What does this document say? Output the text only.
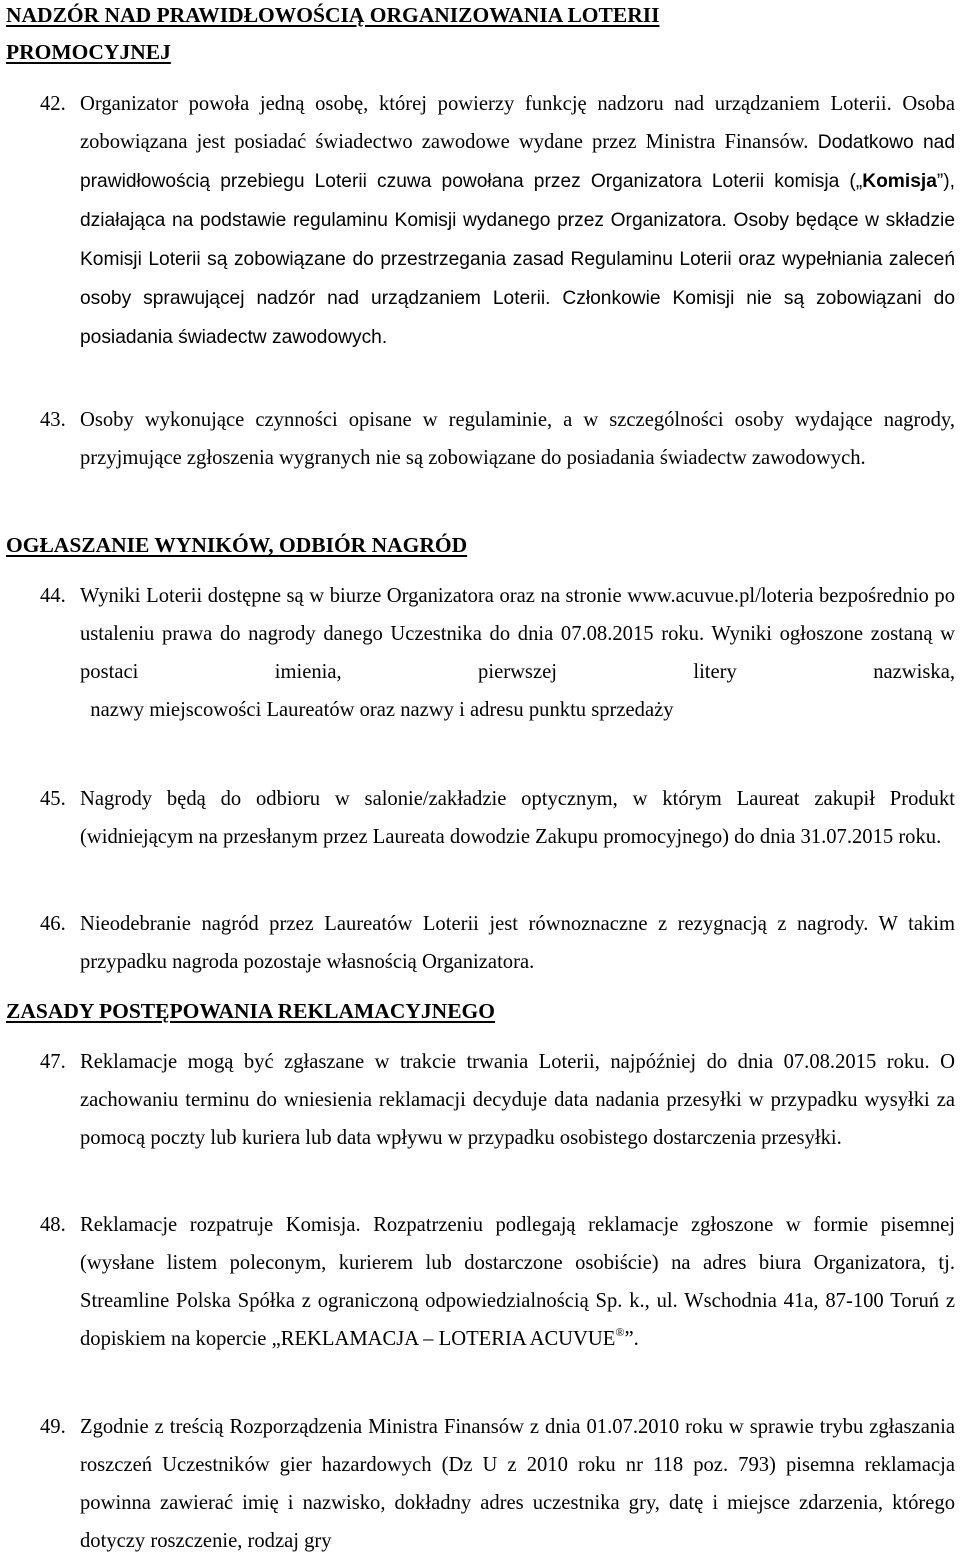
NADZÓR NAD PRAWIDŁOWOŚCIĄ ORGANIZOWANIA LOTERII
PROMOCYJNEJ
42. Organizator powoła jedną osobę, której powierzy funkcję nadzoru nad urządzaniem Loterii. Osoba zobowiązana jest posiadać świadectwo zawodowe wydane przez Ministra Finansów. Dodatkowo nad prawidłowością przebiegu Loterii czuwa powołana przez Organizatora Loterii komisja („Komisja”), działająca na podstawie regulaminu Komisji wydanego przez Organizatora. Osoby będące w składzie Komisji Loterii są zobowiązane do przestrzegania zasad Regulaminu Loterii oraz wypełniania zaleceń osoby sprawującej nadzór nad urządzaniem Loterii. Członkowie Komisji nie są zobowiązani do posiadania świadectw zawodowych.
43. Osoby wykonujące czynności opisane w regulaminie, a w szczególności osoby wydające nagrody, przyjmujące zgłoszenia wygranych nie są zobowiązane do posiadania świadectw zawodowych.
OGŁASZANIE WYNIKÓW, ODBIÓR NAGRÓD
44. Wyniki Loterii dostępne są w biurze Organizatora oraz na stronie www.acuvue.pl/loteria bezpośrednio po ustaleniu prawa do nagrody danego Uczestnika do dnia 07.08.2015 roku. Wyniki ogłoszone zostaną w postaci imienia, pierwszej litery nazwiska,  nazwy miejscowości Laureatów oraz nazwy i adresu punktu sprzedaży
45. Nagrody będą do odbioru w salonie/zakładzie optycznym, w którym Laureat zakupił Produkt (widniejącym na przesłanym przez Laureata dowodzie Zakupu promocyjnego) do dnia 31.07.2015 roku.
46. Nieodebranie nagród przez Laureatów Loterii jest równoznaczne z rezygnacją z nagrody. W takim przypadku nagroda pozostaje własnością Organizatora.
ZASADY POSTĘPOWANIA REKLAMACYJNEGO
47. Reklamacje mogą być zgłaszane w trakcie trwania Loterii, najpóźniej do dnia 07.08.2015 roku. O zachowaniu terminu do wniesienia reklamacji decyduje data nadania przesyłki w przypadku wysyłki za pomocą poczty lub kuriera lub data wpływu w przypadku osobistego dostarczenia przesyłki.
48. Reklamacje rozpatruje Komisja. Rozpatrzeniu podlegają reklamacje zgłoszone w formie pisemnej (wysłane listem poleconym, kurierem lub dostarczone osobiście) na adres biura Organizatora, tj. Streamline Polska Spółka z ograniczoną odpowiedzialnością Sp. k., ul. Wschodnia 41a, 87-100 Toruń z dopiskiem na kopercie „REKLAMACJA – LOTERIA ACUVUE®”.
49. Zgodnie z treścią Rozporządzenia Ministra Finansów z dnia 01.07.2010 roku w sprawie trybu zgłaszania roszczeń Uczestników gier hazardowych (Dz U z 2010 roku nr 118 poz. 793) pisemna reklamacja powinna zawierać imię i nazwisko, dokładny adres uczestnika gry, datę i miejsce zdarzenia, którego dotyczy roszczenie, rodzaj gry
